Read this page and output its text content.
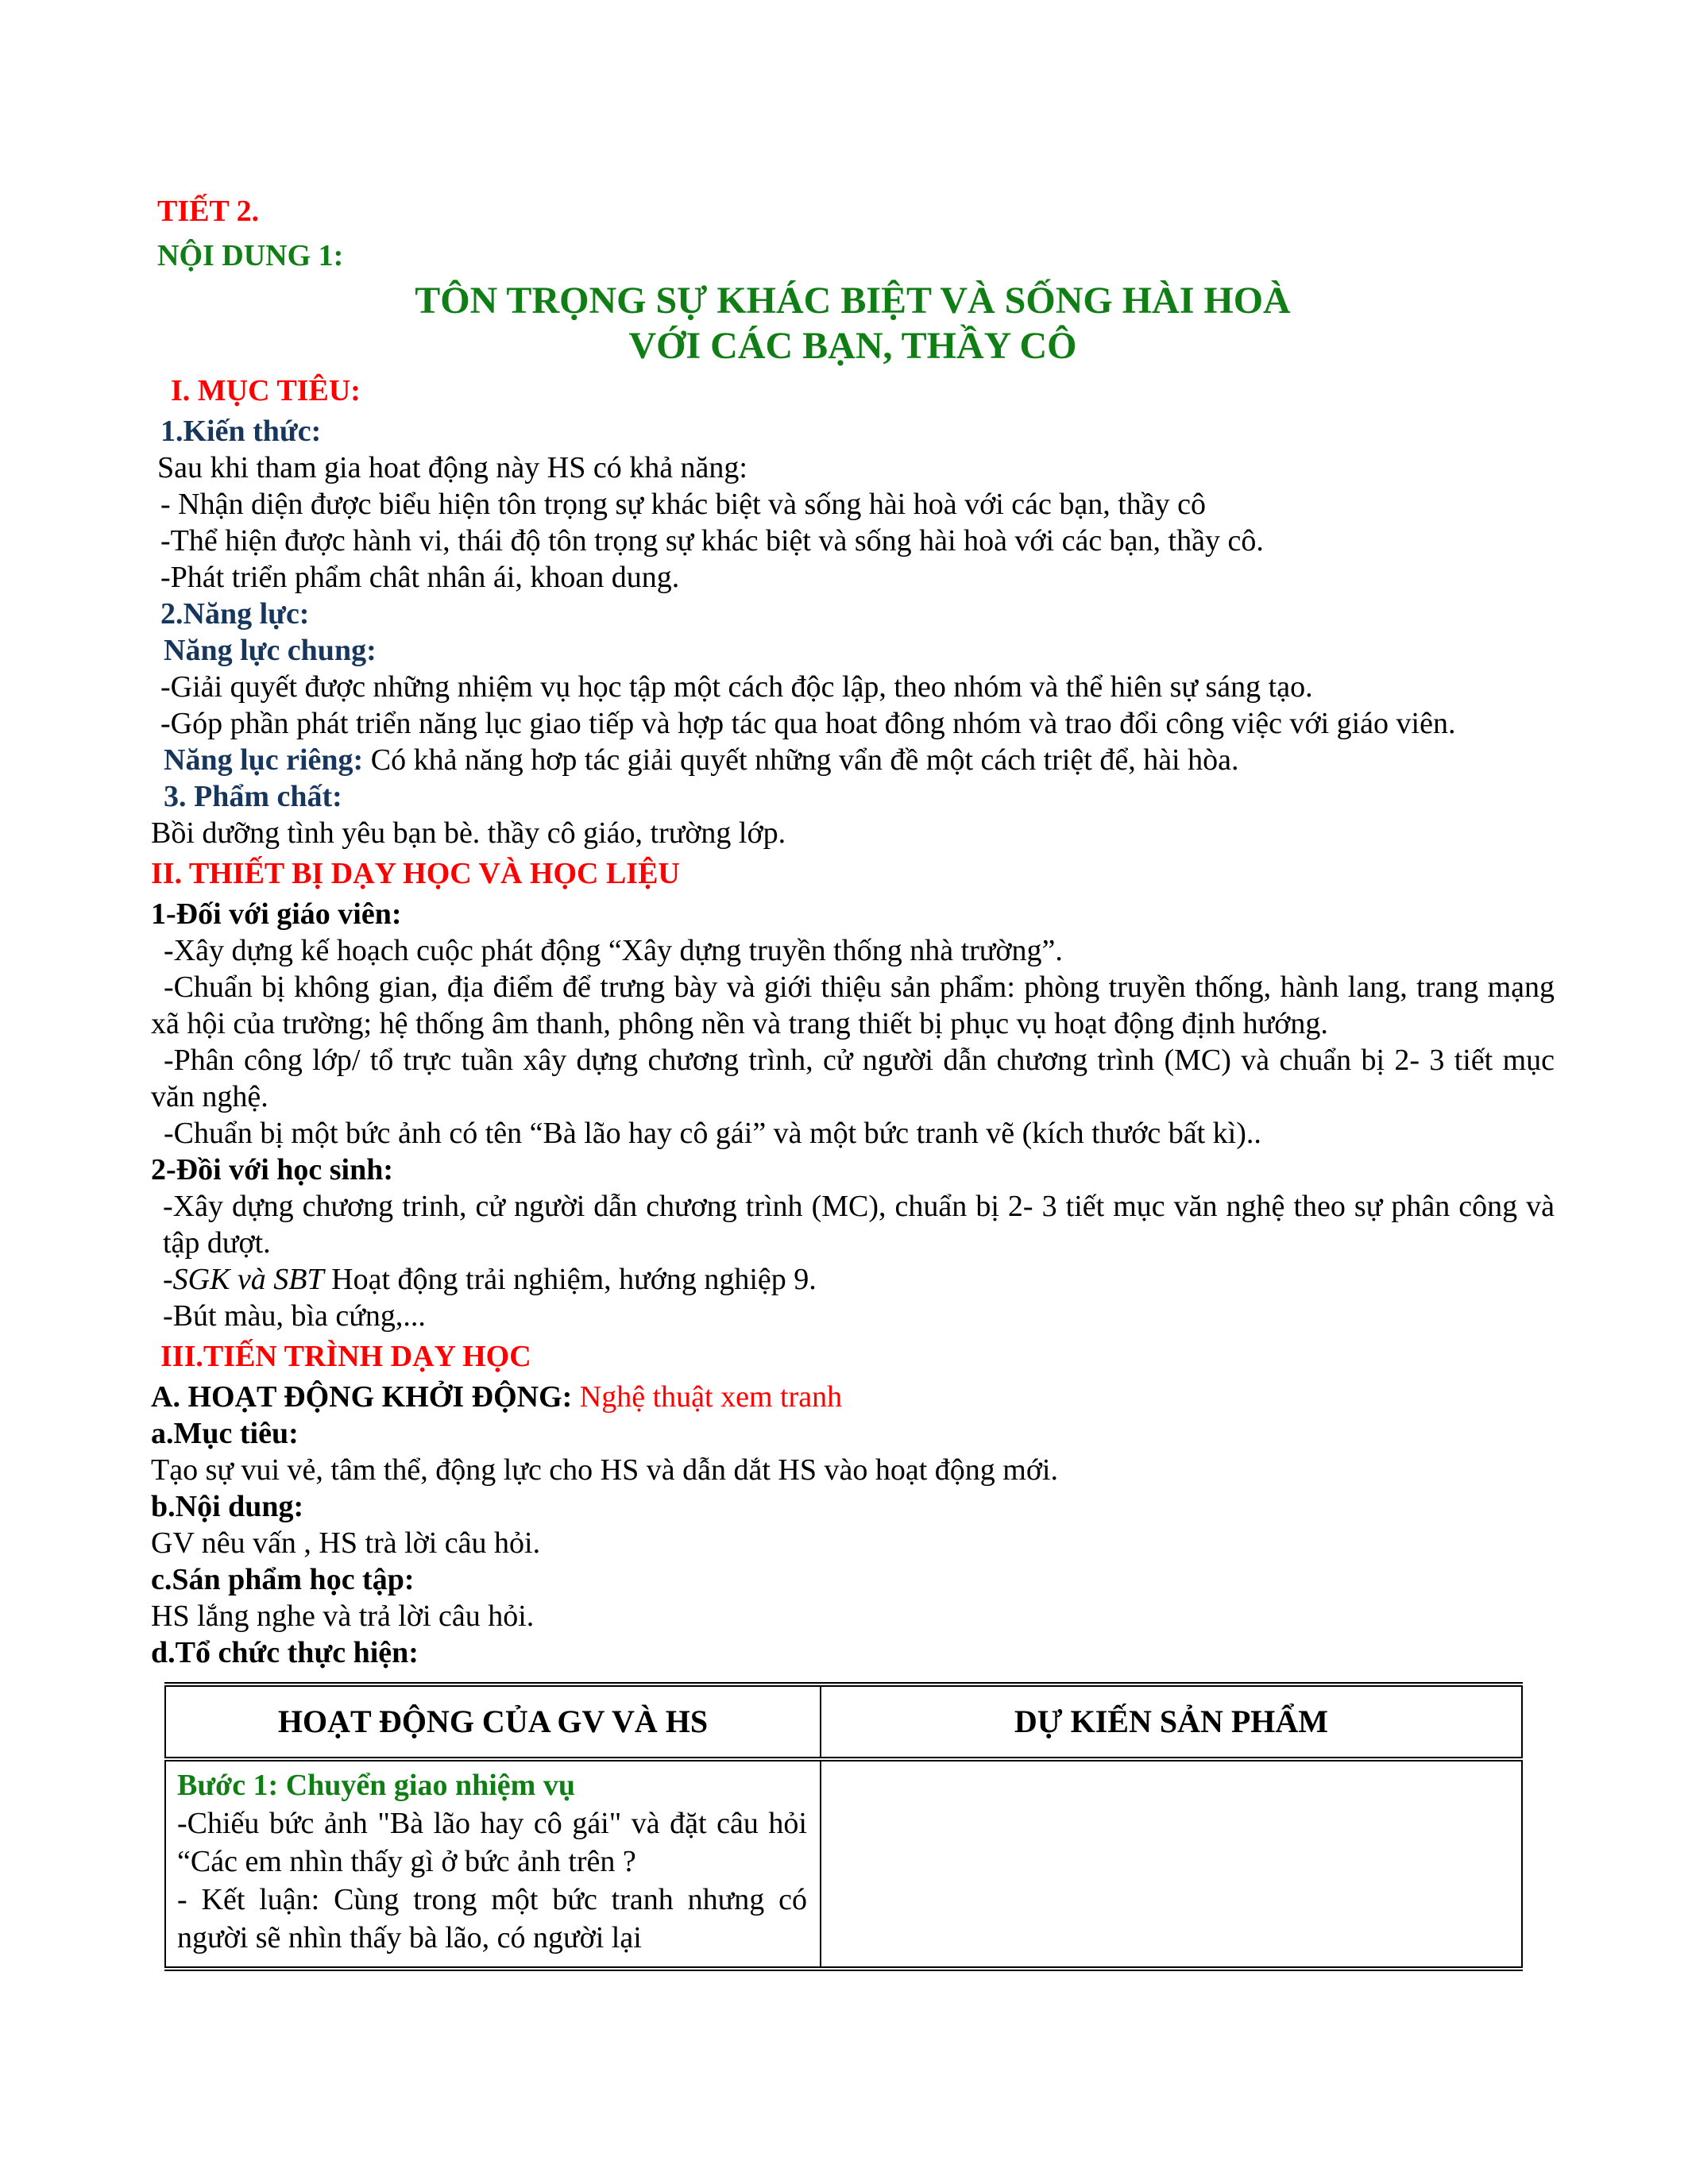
TIẾT 2.

NỘI DUNG 1:

TÔN TRỌNG SỰ KHÁC BIỆT VÀ SỐNG HÀI HOÀ
VỚI CÁC BẠN, THẦY CÔ

I. MỤC TIÊU:

1.Kiến thức:

Sau khi tham gia hoat động này HS có khả năng:

- Nhận diện được biểu hiện tôn trọng sự khác biệt và sống hài hoà với các bạn, thầy cô

-Thể hiện được hành vi, thái độ tôn trọng sự khác biệt và sống hài hoà với các bạn, thầy cô.

-Phát triển phẩm chât nhân ái, khoan dung.

2.Năng lực:

Năng lực chung:

-Giải quyết được những nhiệm vụ học tập một cách độc lập, theo nhóm và thể hiên sự sáng tạo.

-Góp phần phát triển năng lục giao tiếp và hợp tác qua hoat đông nhóm và trao đổi công việc với giáo viên.

Năng lục riêng: Có khả năng hơp tác giải quyết những vẩn đề một cách triệt để, hài hòa.

3. Phẩm chất:

Bồi dưỡng tình yêu bạn bè. thầy cô giáo, trường lớp.

II. THIẾT BỊ DẠY HỌC VÀ HỌC LIỆU

1-Đối với giáo viên:

-Xây dựng kế hoạch cuộc phát động “Xây dựng truyền thống nhà trường”.

-Chuẩn bị không gian, địa điểm để trưng bày và giới thiệu sản phẩm: phòng truyền thống, hành lang, trang mạng xã hội của trường; hệ thống âm thanh, phông nền và trang thiết bị phục vụ hoạt động định hướng.

-Phân công lớp/ tổ trực tuần xây dựng chương trình, cử người dẫn chương trình (MC) và chuẩn bị 2- 3 tiết mục văn nghệ.

-Chuẩn bị một bức ảnh có tên “Bà lão hay cô gái” và một bức tranh vẽ (kích thước bất kì)..

2-Đồi với học sinh:

-Xây dựng chương trinh, cử người dẫn chương trình (MC), chuẩn bị 2- 3 tiết mục văn nghệ theo sự phân công và tập dượt.

-SGK và SBT Hoạt động trải nghiệm, hướng nghiệp 9.

-Bút màu, bìa cứng,...

III.TIẾN TRÌNH DẠY HỌC

A. HOẠT ĐỘNG KHỞI ĐỘNG: Nghệ thuật xem tranh

a.Mục tiêu:

Tạo sự vui vẻ, tâm thể, động lực cho HS và dẫn dắt HS vào hoạt động mới.

b.Nội dung:

GV nêu vấn , HS trà lời câu hỏi.

c.Sán phẩm học tập:

HS lắng nghe và trả lời câu hỏi.

d.Tổ chức thực hiện:

HOẠT ĐỘNG CỦA GV VÀ HS	DỰ KIẾN SẢN PHẨM

Bước 1: Chuyển giao nhiệm vụ

-Chiếu bức ảnh "Bà lão hay cô gái" và đặt câu hỏi “Các em nhìn thấy gì ở bức ảnh trên ?

- Kết luận: Cùng trong một bức tranh nhưng có người sẽ nhìn thấy bà lão, có người lại	
